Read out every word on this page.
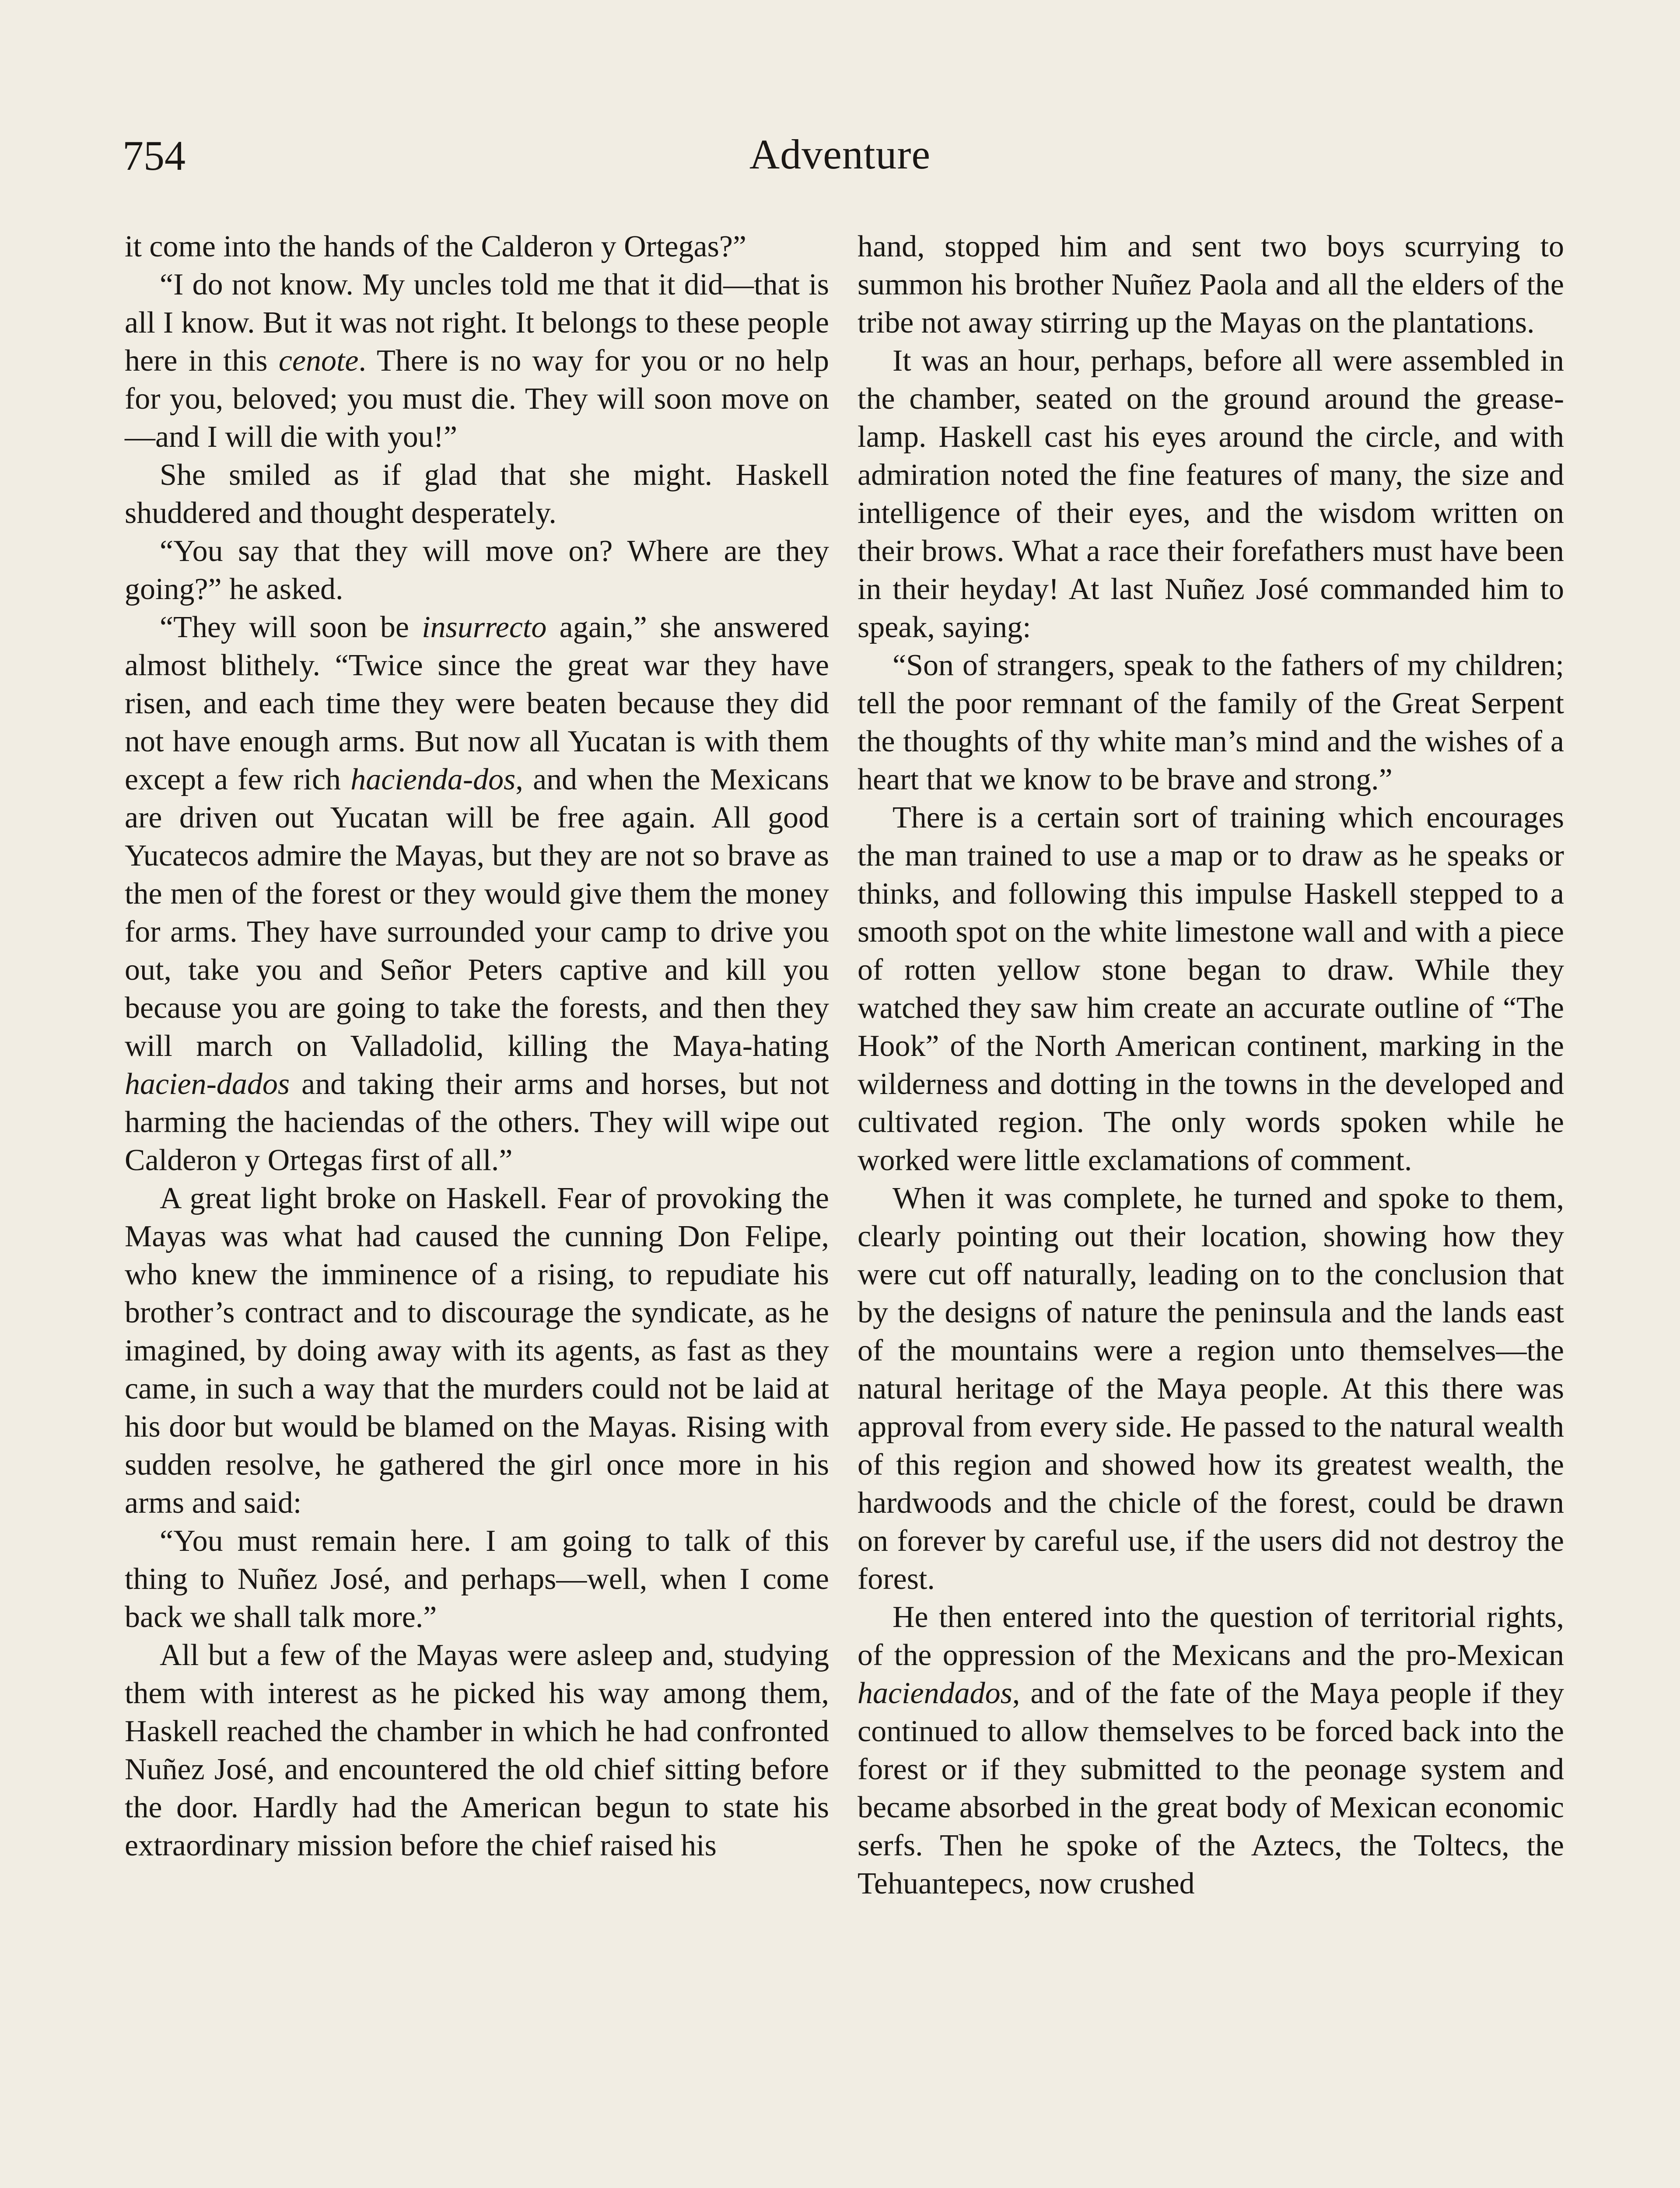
754	Adventure

it come into the hands of the Calderon y Ortegas?”

“I do not know. My uncles told me that it did—that is all I know. But it was not right. It belongs to these people here in this cenote. There is no way for you or no help for you, beloved; you must die. They will soon move on—and I will die with you!”

She smiled as if glad that she might. Haskell shuddered and thought desperately.

“You say that they will move on? Where are they going?” he asked.

“They will soon be insurrecto again,” she answered almost blithely. “Twice since the great war they have risen, and each time they were beaten because they did not have enough arms. But now all Yucatan is with them except a few rich hacienda-dos, and when the Mexicans are driven out Yucatan will be free again. All good Yucatecos admire the Mayas, but they are not so brave as the men of the forest or they would give them the money for arms. They have surrounded your camp to drive you out, take you and Señor Peters captive and kill you because you are going to take the forests, and then they will march on Valladolid, killing the Maya-hating hacien-dados and taking their arms and horses, but not harming the haciendas of the others. They will wipe out Calderon y Ortegas first of all.”

A great light broke on Haskell. Fear of provoking the Mayas was what had caused the cunning Don Felipe, who knew the imminence of a rising, to repudiate his brother’s contract and to discourage the syndicate, as he imagined, by doing away with its agents, as fast as they came, in such a way that the murders could not be laid at his door but would be blamed on the Mayas. Rising with sudden resolve, he gathered the girl once more in his arms and said:

“You must remain here. I am going to talk of this thing to Nuñez José, and perhaps—well, when I come back we shall talk more.”

All but a few of the Mayas were asleep and, studying them with interest as he picked his way among them, Haskell reached the chamber in which he had confronted Nuñez José, and encountered the old chief sitting before the door. Hardly had the American begun to state his extraordinary mission before the chief raised his

hand, stopped him and sent two boys scurrying to summon his brother Nuñez Paola and all the elders of the tribe not away stirring up the Mayas on the plantations.

It was an hour, perhaps, before all were assembled in the chamber, seated on the ground around the grease-lamp. Haskell cast his eyes around the circle, and with admiration noted the fine features of many, the size and intelligence of their eyes, and the wisdom written on their brows. What a race their forefathers must have been in their heyday! At last Nuñez José commanded him to speak, saying:

“Son of strangers, speak to the fathers of my children; tell the poor remnant of the family of the Great Serpent the thoughts of thy white man’s mind and the wishes of a heart that we know to be brave and strong.”

There is a certain sort of training which encourages the man trained to use a map or to draw as he speaks or thinks, and following this impulse Haskell stepped to a smooth spot on the white limestone wall and with a piece of rotten yellow stone began to draw. While they watched they saw him create an accurate outline of “The Hook” of the North American continent, marking in the wilderness and dotting in the towns in the developed and cultivated region. The only words spoken while he worked were little exclamations of comment.

When it was complete, he turned and spoke to them, clearly pointing out their location, showing how they were cut off naturally, leading on to the conclusion that by the designs of nature the peninsula and the lands east of the mountains were a region unto themselves—the natural heritage of the Maya people. At this there was approval from every side. He passed to the natural wealth of this region and showed how its greatest wealth, the hardwoods and the chicle of the forest, could be drawn on forever by careful use, if the users did not destroy the forest.

He then entered into the question of territorial rights, of the oppression of the Mexicans and the pro-Mexican haciendados, and of the fate of the Maya people if they continued to allow themselves to be forced back into the forest or if they submitted to the peonage system and became absorbed in the great body of Mexican economic serfs. Then he spoke of the Aztecs, the Toltecs, the Tehuantepecs, now crushed
